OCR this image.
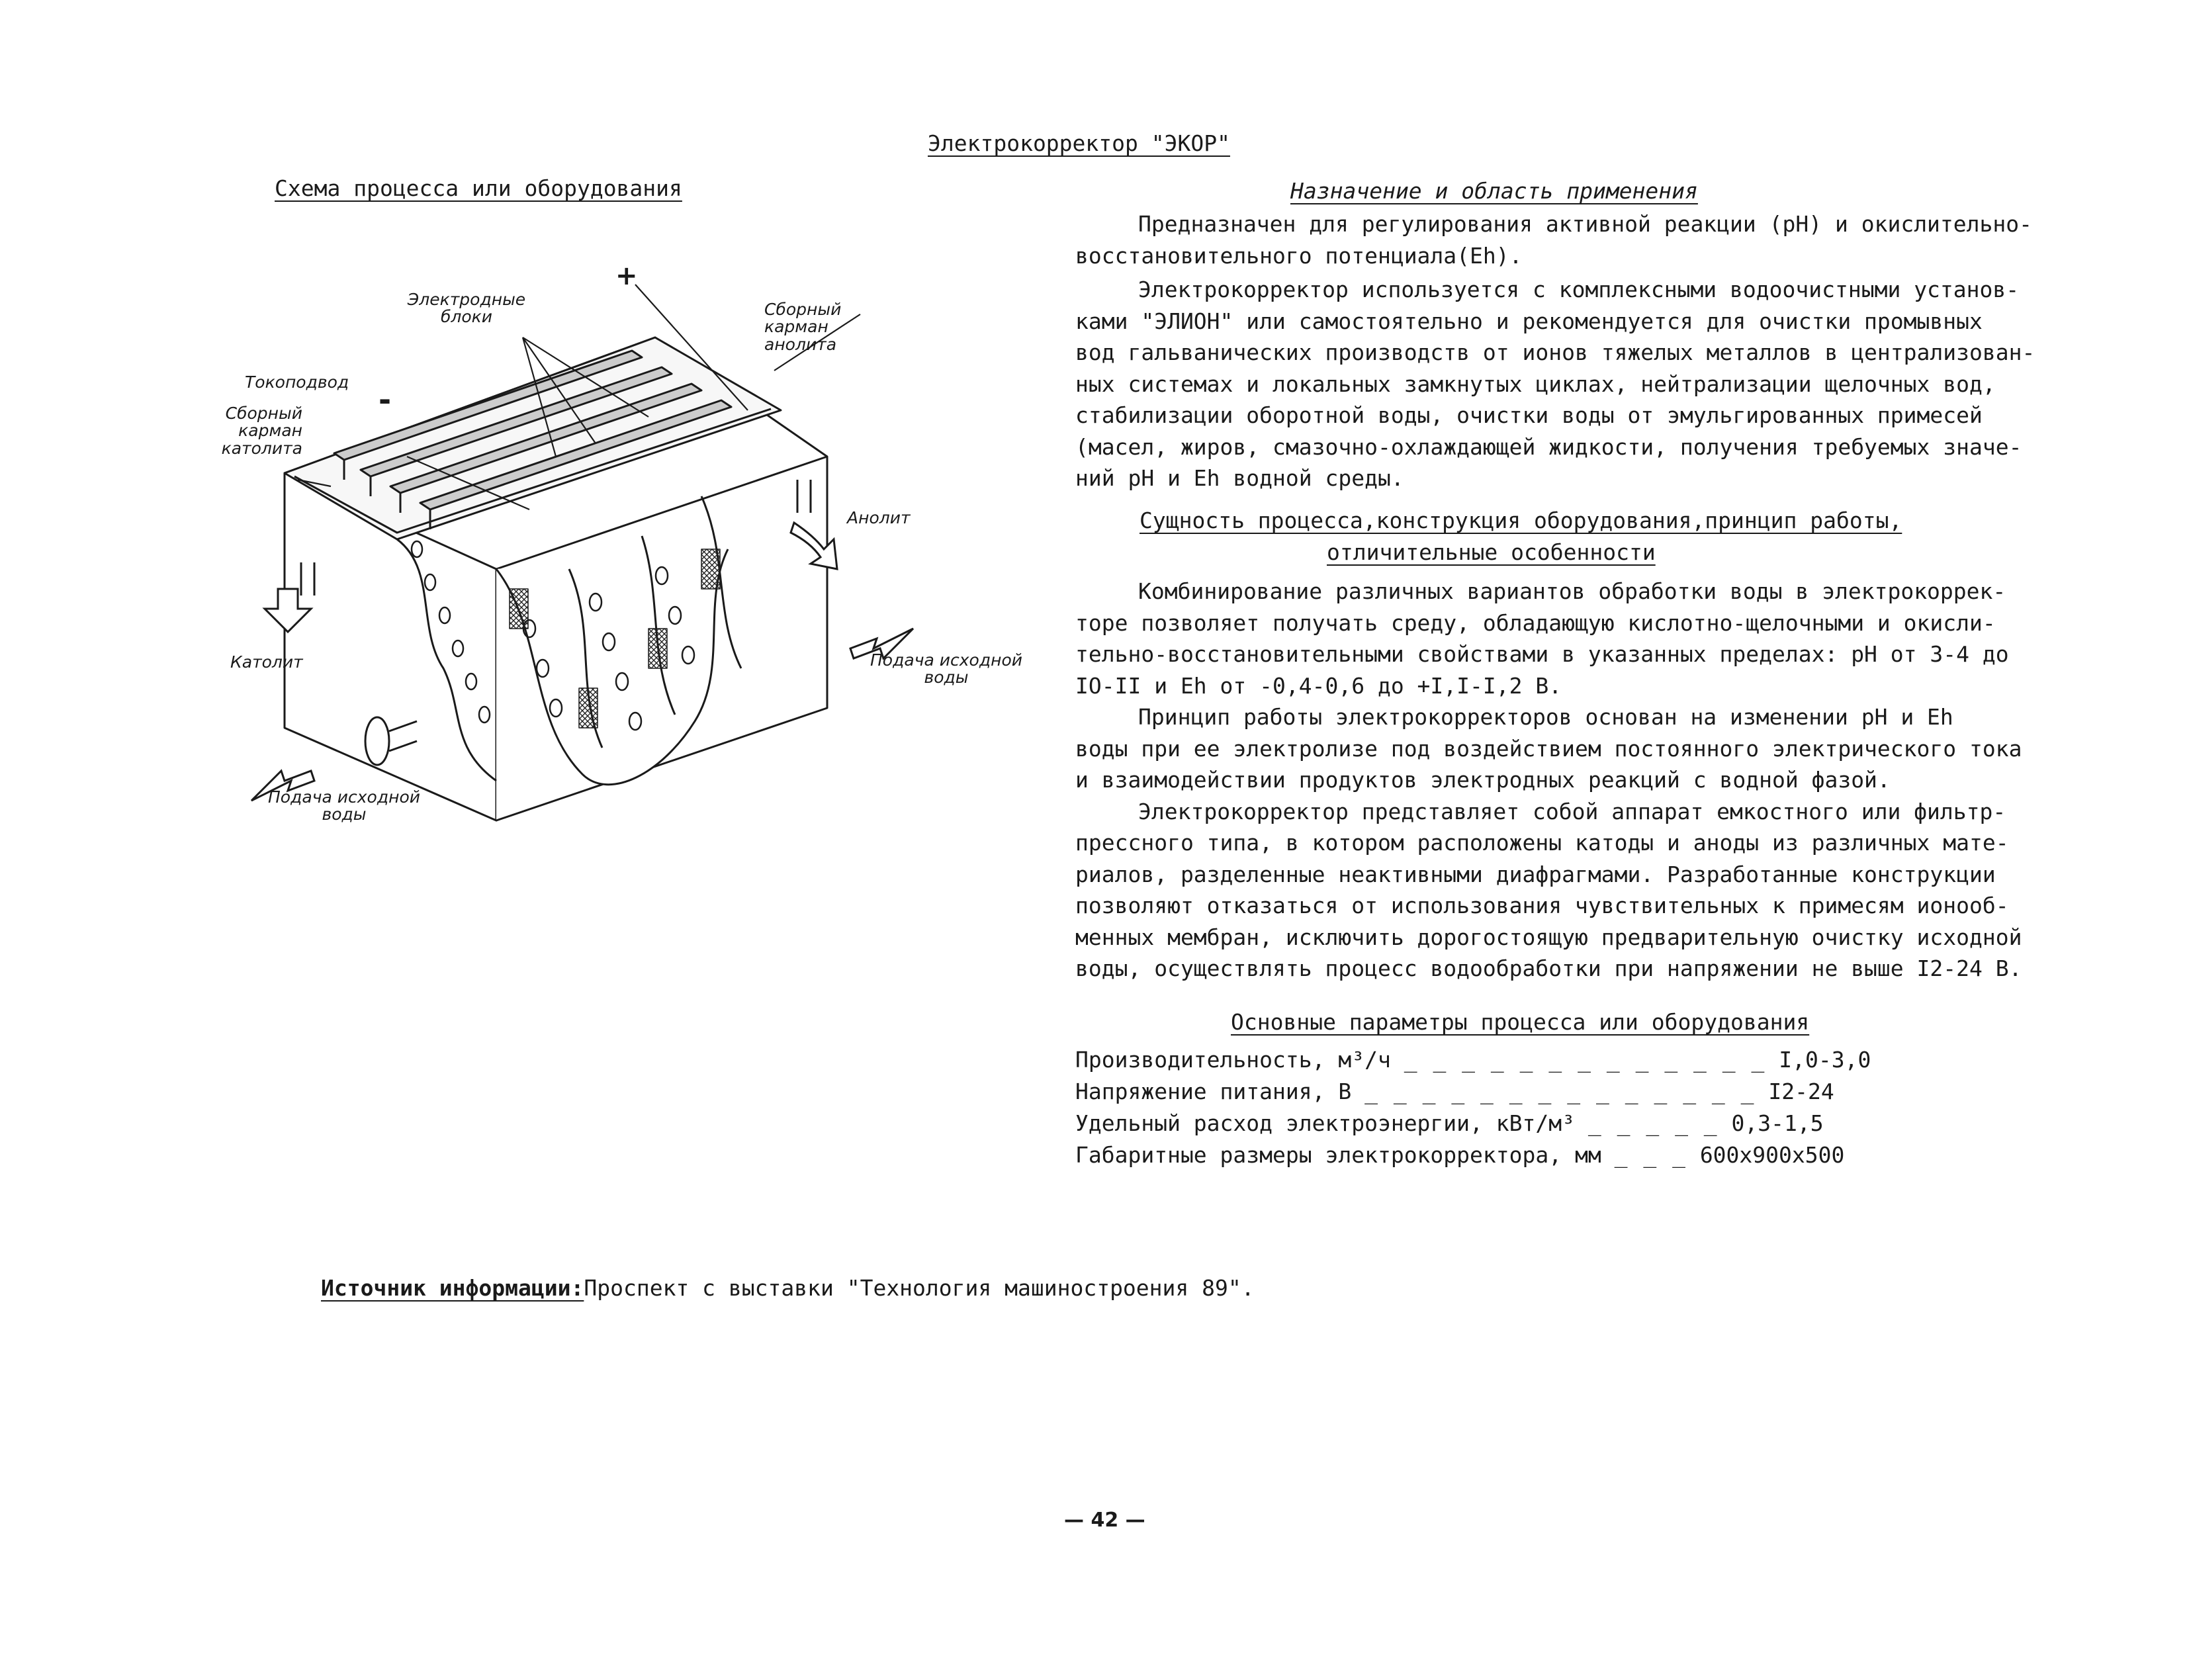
Электрокорректор "ЭКОР"
Схема процесса или оборудования
+
-
Электродные блоки	Сборный карман анолита
Токоподвод
Сборный карман католита
Анолит
Католит	Подача исходной воды
Подача исходной воды
Назначение и область применения
Предназначен для регулирования активной реакции (pH) и окислительно-
восстановительного потенциала(Eh).
Электрокорректор используется с комплексными водоочистными установ-
ками "ЭЛИОН" или самостоятельно и рекомендуется для очистки промывных
вод гальванических производств от ионов тяжелых металлов в централизован-
ных системах и локальных замкнутых циклах, нейтрализации щелочных вод,
стабилизации оборотной воды, очистки воды от эмульгированных примесей
(масел, жиров, смазочно-охлаждающей жидкости, получения требуемых значе-
ний pH и Eh водной среды.
Сущность процесса,конструкция оборудования,принцип работы,
отличительные особенности
Комбинирование различных вариантов обработки воды в электрокоррек-
торе позволяет получать среду, обладающую кислотно-щелочными и окисли-
тельно-восстановительными свойствами в указанных пределах: pH от 3-4 до
IO-II и Eh от -0,4-0,6 до +I,I-I,2 В.
Принцип работы электрокорректоров основан на изменении pH и Eh
воды при ее электролизе под воздействием постоянного электрического тока
и взаимодействии продуктов электродных реакций с водной фазой.
Электрокорректор представляет собой аппарат емкостного или фильтр-
прессного типа, в котором расположены катоды и аноды из различных мате-
риалов, разделенные неактивными диафрагмами. Разработанные конструкции
позволяют отказаться от использования чувствительных к примесям ионооб-
менных мембран, исключить дорогостоящую предварительную очистку исходной
воды, осуществлять процесс водообработки при напряжении не выше I2-24 В.
Основные параметры процесса или оборудования
Производительность, м³/ч _ _ _ _ _ _ _ _ _ _ _ _ _ I,0-3,0
Напряжение питания, В _ _ _ _ _ _ _ _ _ _ _ _ _ _ I2-24
Удельный расход электроэнергии, кВт/м³ _ _ _ _ _ 0,3-1,5
Габаритные размеры электрокорректора, мм _ _ _ 600x900x500
Источник информации:Проспект с выставки "Технология машиностроения 89".
— 42 —
